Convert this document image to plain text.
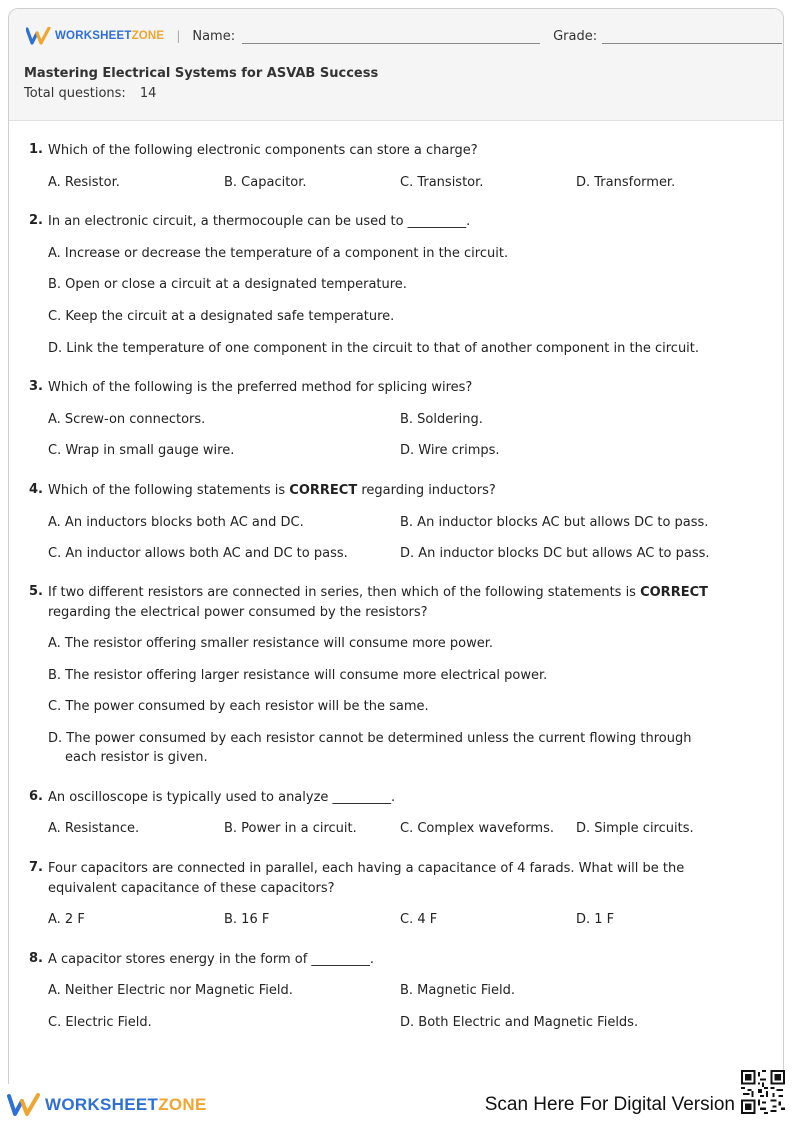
WORKSHEETZONE | Name:	Grade:
Mastering Electrical Systems for ASVAB Success
Total questions: 14
1. Which of the following electronic components can store a charge?
A. Resistor.	B. Capacitor.	C. Transistor.	D. Transformer.
2. In an electronic circuit, a thermocouple can be used to _________.
A. Increase or decrease the temperature of a component in the circuit.
B. Open or close a circuit at a designated temperature.
C. Keep the circuit at a designated safe temperature.
D. Link the temperature of one component in the circuit to that of another component in the circuit.
3. Which of the following is the preferred method for splicing wires?
A. Screw-on connectors.	B. Soldering.
C. Wrap in small gauge wire.	D. Wire crimps.
4. Which of the following statements is CORRECT regarding inductors?
A. An inductors blocks both AC and DC.	B. An inductor blocks AC but allows DC to pass.
C. An inductor allows both AC and DC to pass.	D. An inductor blocks DC but allows AC to pass.
5. If two different resistors are connected in series, then which of the following statements is CORRECT regarding the electrical power consumed by the resistors?
A. The resistor offering smaller resistance will consume more power.
B. The resistor offering larger resistance will consume more electrical power.
C. The power consumed by each resistor will be the same.
D. The power consumed by each resistor cannot be determined unless the current flowing through each resistor is given.
6. An oscilloscope is typically used to analyze _________.
A. Resistance.	B. Power in a circuit.	C. Complex waveforms. D. Simple circuits.
7. Four capacitors are connected in parallel, each having a capacitance of 4 farads. What will be the equivalent capacitance of these capacitors?
A. 2 F	B. 16 F	C. 4 F	D. 1 F
8. A capacitor stores energy in the form of _________.
A. Neither Electric nor Magnetic Field.	B. Magnetic Field.
C. Electric Field.	D. Both Electric and Magnetic Fields.
WORKSHEETZONE	Scan Here For Digital Version
